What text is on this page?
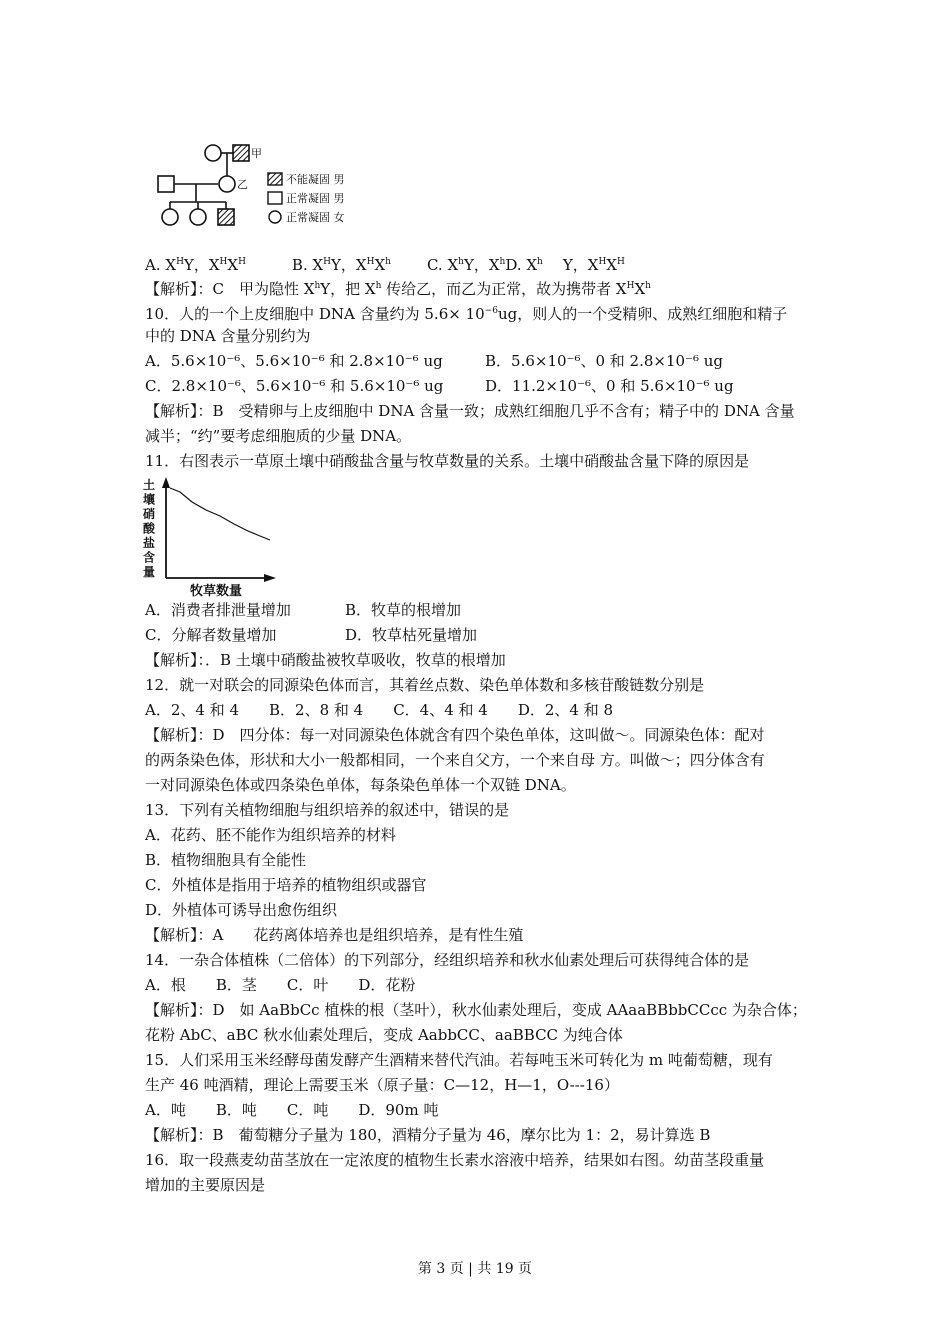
甲
乙	不能凝固 男
正常凝固 男
正常凝固 女
A. $X^HY$，$X^HX^H$	B. $X^HY$，$X^HX^h$ C. $X^hY$，$X^hD$. $X^h$ Y，$X^HX^H$
【解析】：C　甲为隐性 $X^hY$，把 $X^h$ 传给乙，而乙为正常，故为携带者 $X^HX^h$
10．人的一个上皮细胞中 DNA 含量约为 $5.6\times 10^{-6}ug$，则人的一个受精卵、成熟红细胞和精子
中的 DNA 含量分别约为
A．5.6×10⁻⁶、5.6×10⁻⁶ 和 2.8×10⁻⁶ ug	B．5.6×10⁻⁶、0 和 2.8×10⁻⁶ ug
C．2.8×10⁻⁶、5.6×10⁻⁶ 和 5.6×10⁻⁶ ug	D．11.2×10⁻⁶、0 和 5.6×10⁻⁶ ug
【解析】：B　受精卵与上皮细胞中 DNA 含量一致；成熟红细胞几乎不含有；精子中的 DNA 含量
减半；“约”要考虑细胞质的少量 DNA。
11．右图表示一草原土壤中硝酸盐含量与牧草数量的关系。土壤中硝酸盐含量下降的原因是
土壤硝酸盐含量
牧草数量
A．消费者排泄量增加	B．牧草的根增加
C．分解者数量增加	D．牧草枯死量增加
【解析】：．B 土壤中硝酸盐被牧草吸收，牧草的根增加
12．就一对联会的同源染色体而言，其着丝点数、染色单体数和多核苷酸链数分别是
A．2、4 和 4　　B．2、8 和 4　　C．4、4 和 4　　D．2、4 和 8
【解析】：D　四分体：每一对同源染色体就含有四个染色单体，这叫做～。同源染色体：配对
的两条染色体，形状和大小一般都相同，一个来自父方，一个来自母 方。叫做～；四分体含有
一对同源染色体或四条染色单体，每条染色单体一个双链 DNA。
13．下列有关植物细胞与组织培养的叙述中，错误的是
A．花药、胚不能作为组织培养的材料
B．植物细胞具有全能性
C．外植体是指用于培养的植物组织或器官
D．外植体可诱导出愈伤组织
【解析】：A　　花药离体培养也是组织培养，是有性生殖
14．一杂合体植株（二倍体）的下列部分，经组织培养和秋水仙素处理后可获得纯合体的是
A．根　　B．茎　　C．叶　　D．花粉
【解析】：D　如 AaBbCc 植株的根（茎叶），秋水仙素处理后，变成 AAaaBBbbCCcc 为杂合体；
花粉 AbC、aBC 秋水仙素处理后，变成 AabbCC、aaBBCC 为纯合体
15．人们采用玉米经酵母菌发酵产生酒精来替代汽油。若每吨玉米可转化为 m 吨葡萄糖，现有
生产 46 吨酒精，理论上需要玉米（原子量：C—12，H—1，O---16）
A．吨　　B．吨　　C．吨　　D．90m 吨
【解析】：B　葡萄糖分子量为 180，酒精分子量为 46，摩尔比为 1：2，易计算选 B
16．取一段燕麦幼苗茎放在一定浓度的植物生长素水溶液中培养，结果如右图。幼苗茎段重量
增加的主要原因是
第 3 页 | 共 19 页
